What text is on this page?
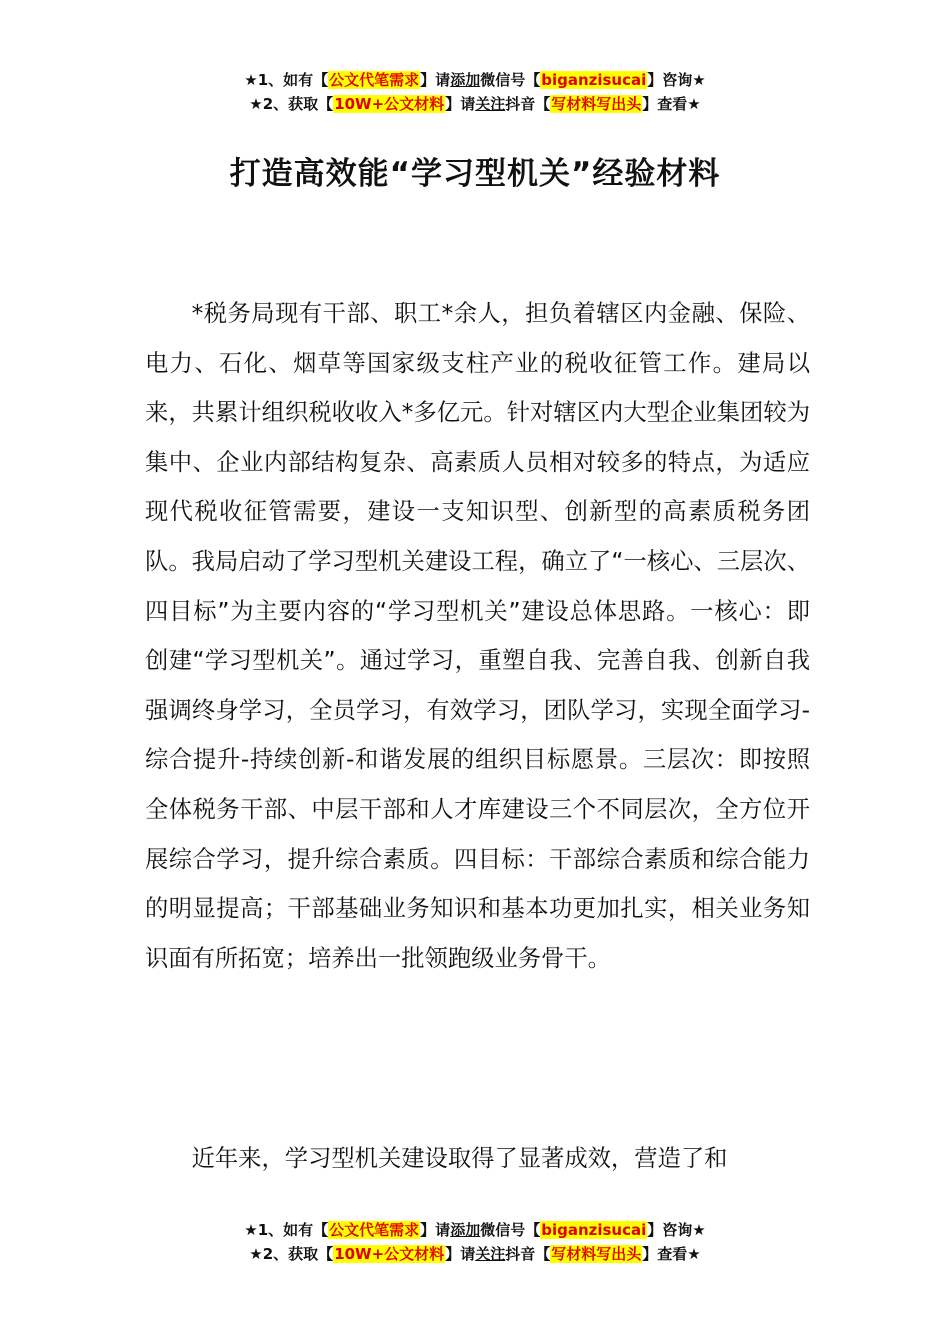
★1、如有【公文代笔需求】请添加微信号【biganzisucai】咨询★
★2、获取【10W+公文材料】请关注抖音【写材料写出头】查看★
打造高效能“学习型机关”经验材料

*税务局现有干部、职工*余人，担负着辖区内金融、保险、电力、石化、烟草等国家级支柱产业的税收征管工作。建局以来，共累计组织税收收入*多亿元。针对辖区内大型企业集团较为集中、企业内部结构复杂、高素质人员相对较多的特点，为适应现代税收征管需要，建设一支知识型、创新型的高素质税务团队。我局启动了学习型机关建设工程，确立了“一核心、三层次、四目标”为主要内容的“学习型机关”建设总体思路。一核心：即创建“学习型机关”。通过学习，重塑自我、完善自我、创新自我强调终身学习，全员学习，有效学习，团队学习，实现全面学习-综合提升-持续创新-和谐发展的组织目标愿景。三层次：即按照全体税务干部、中层干部和人才库建设三个不同层次，全方位开展综合学习，提升综合素质。四目标：干部综合素质和综合能力的明显提高；干部基础业务知识和基本功更加扎实，相关业务知识面有所拓宽；培养出一批领跑级业务骨干。

近年来，学习型机关建设取得了显著成效，营造了和

★1、如有【公文代笔需求】请添加微信号【biganzisucai】咨询★
★2、获取【10W+公文材料】请关注抖音【写材料写出头】查看★
